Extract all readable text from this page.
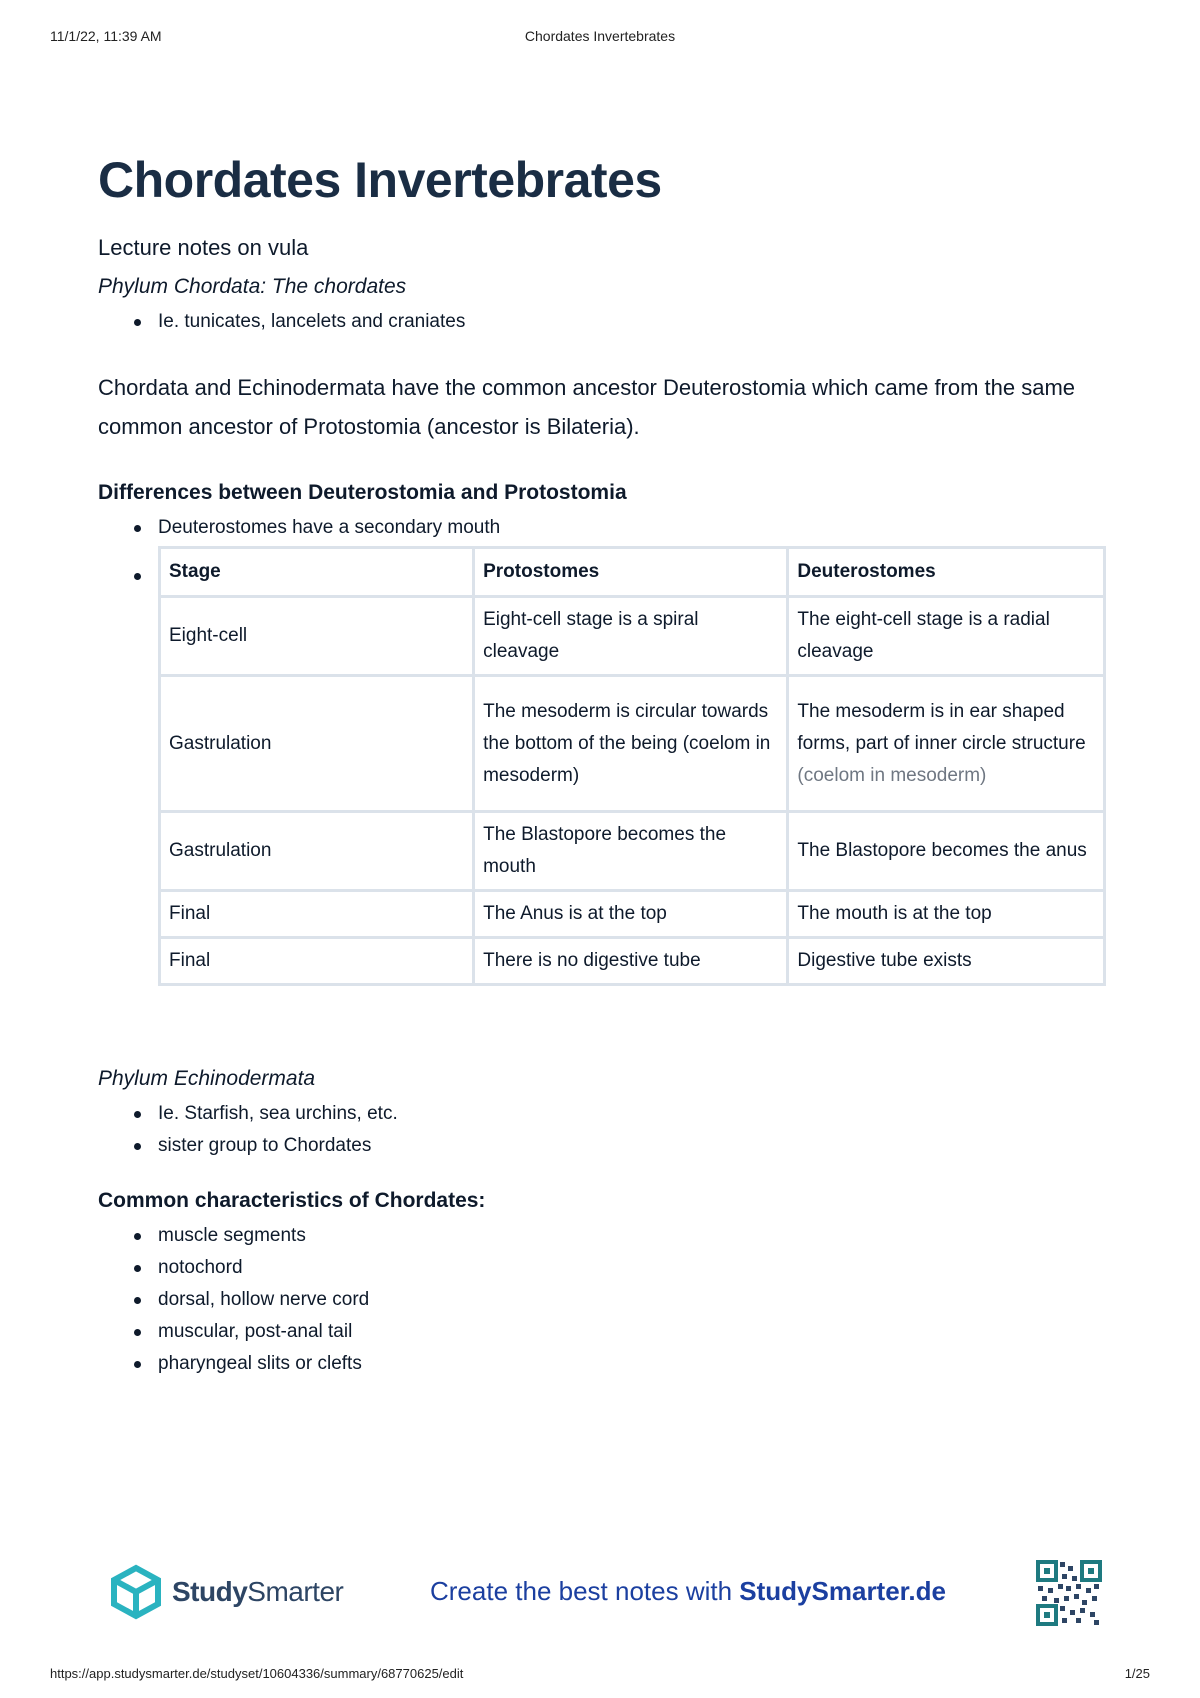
11/1/22, 11:39 AM	Chordates Invertebrates
Chordates Invertebrates
Lecture notes on vula
Phylum Chordata: The chordates
Ie. tunicates, lancelets and craniates
Chordata and Echinodermata have the common ancestor Deuterostomia which came from the same common ancestor of Protostomia (ancestor is Bilateria).
Differences between Deuterostomia and Protostomia
Deuterostomes have a secondary mouth
Stage	Protostomes	Deuterostomes
Eight-cell	Eight-cell stage is a spiral cleavage	The eight-cell stage is a radial cleavage
Gastrulation	The mesoderm is circular towards the bottom of the being (coelom in mesoderm)	The mesoderm is in ear shaped forms, part of inner circle structure (coelom in mesoderm)
Gastrulation	The Blastopore becomes the mouth	The Blastopore becomes the anus
Final	The Anus is at the top	The mouth is at the top
Final	There is no digestive tube	Digestive tube exists
Phylum Echinodermata
Ie. Starfish, sea urchins, etc.
sister group to Chordates
Common characteristics of Chordates:
muscle segments
notochord
dorsal, hollow nerve cord
muscular, post-anal tail
pharyngeal slits or clefts
StudySmarter	Create the best notes with StudySmarter.de
https://app.studysmarter.de/studyset/10604336/summary/68770625/edit	1/25
